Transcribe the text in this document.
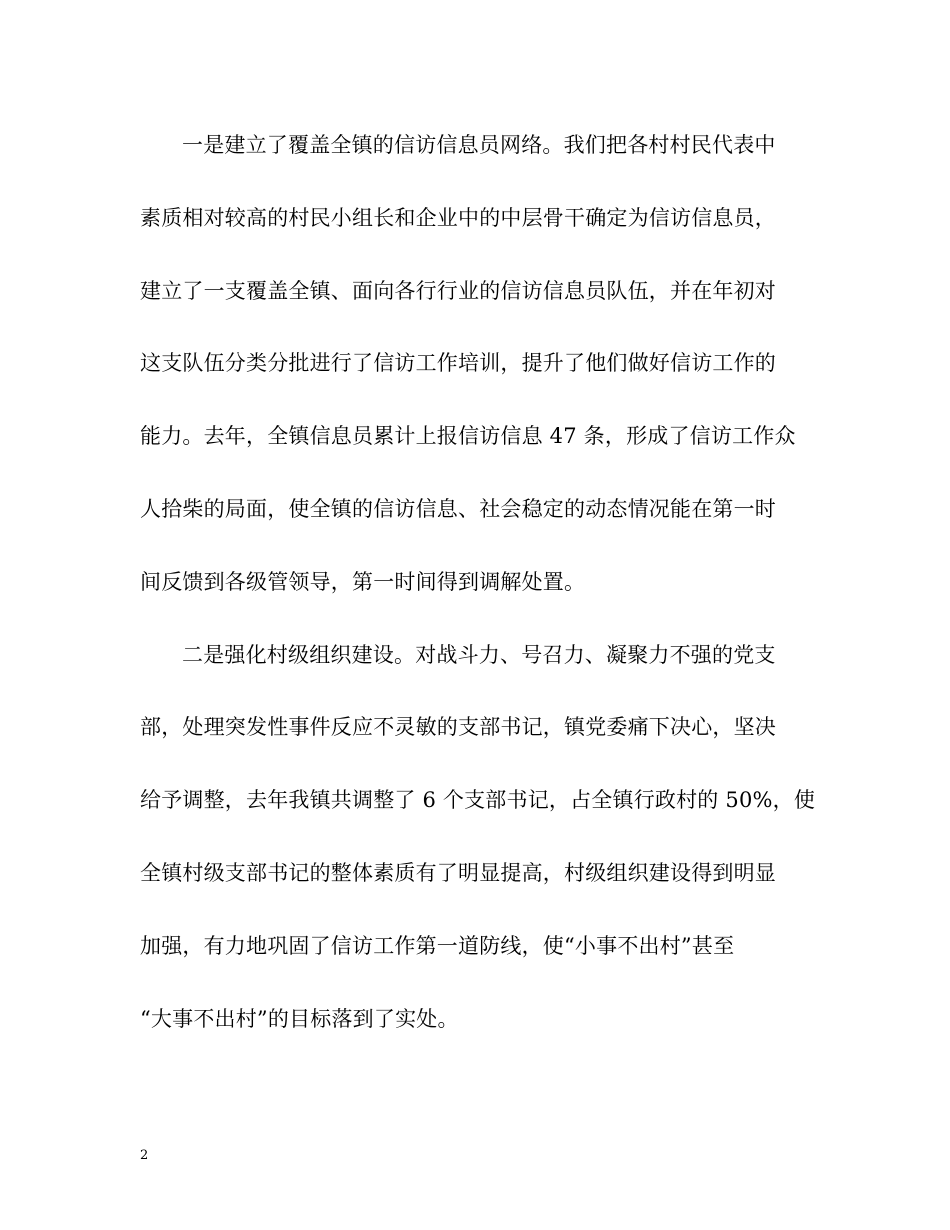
一是建立了覆盖全镇的信访信息员网络。我们把各村村民代表中
素质相对较高的村民小组长和企业中的中层骨干确定为信访信息员，
建立了一支覆盖全镇、面向各行行业的信访信息员队伍，并在年初对
这支队伍分类分批进行了信访工作培训，提升了他们做好信访工作的
能力。去年，全镇信息员累计上报信访信息 47 条，形成了信访工作众
人拾柴的局面，使全镇的信访信息、社会稳定的动态情况能在第一时
间反馈到各级管领导，第一时间得到调解处置。
二是强化村级组织建设。对战斗力、号召力、凝聚力不强的党支
部，处理突发性事件反应不灵敏的支部书记，镇党委痛下决心，坚决
给予调整，去年我镇共调整了 6 个支部书记，占全镇行政村的 50%，使
全镇村级支部书记的整体素质有了明显提高，村级组织建设得到明显
加强，有力地巩固了信访工作第一道防线，使“小事不出村”甚至
“大事不出村”的目标落到了实处。
2
